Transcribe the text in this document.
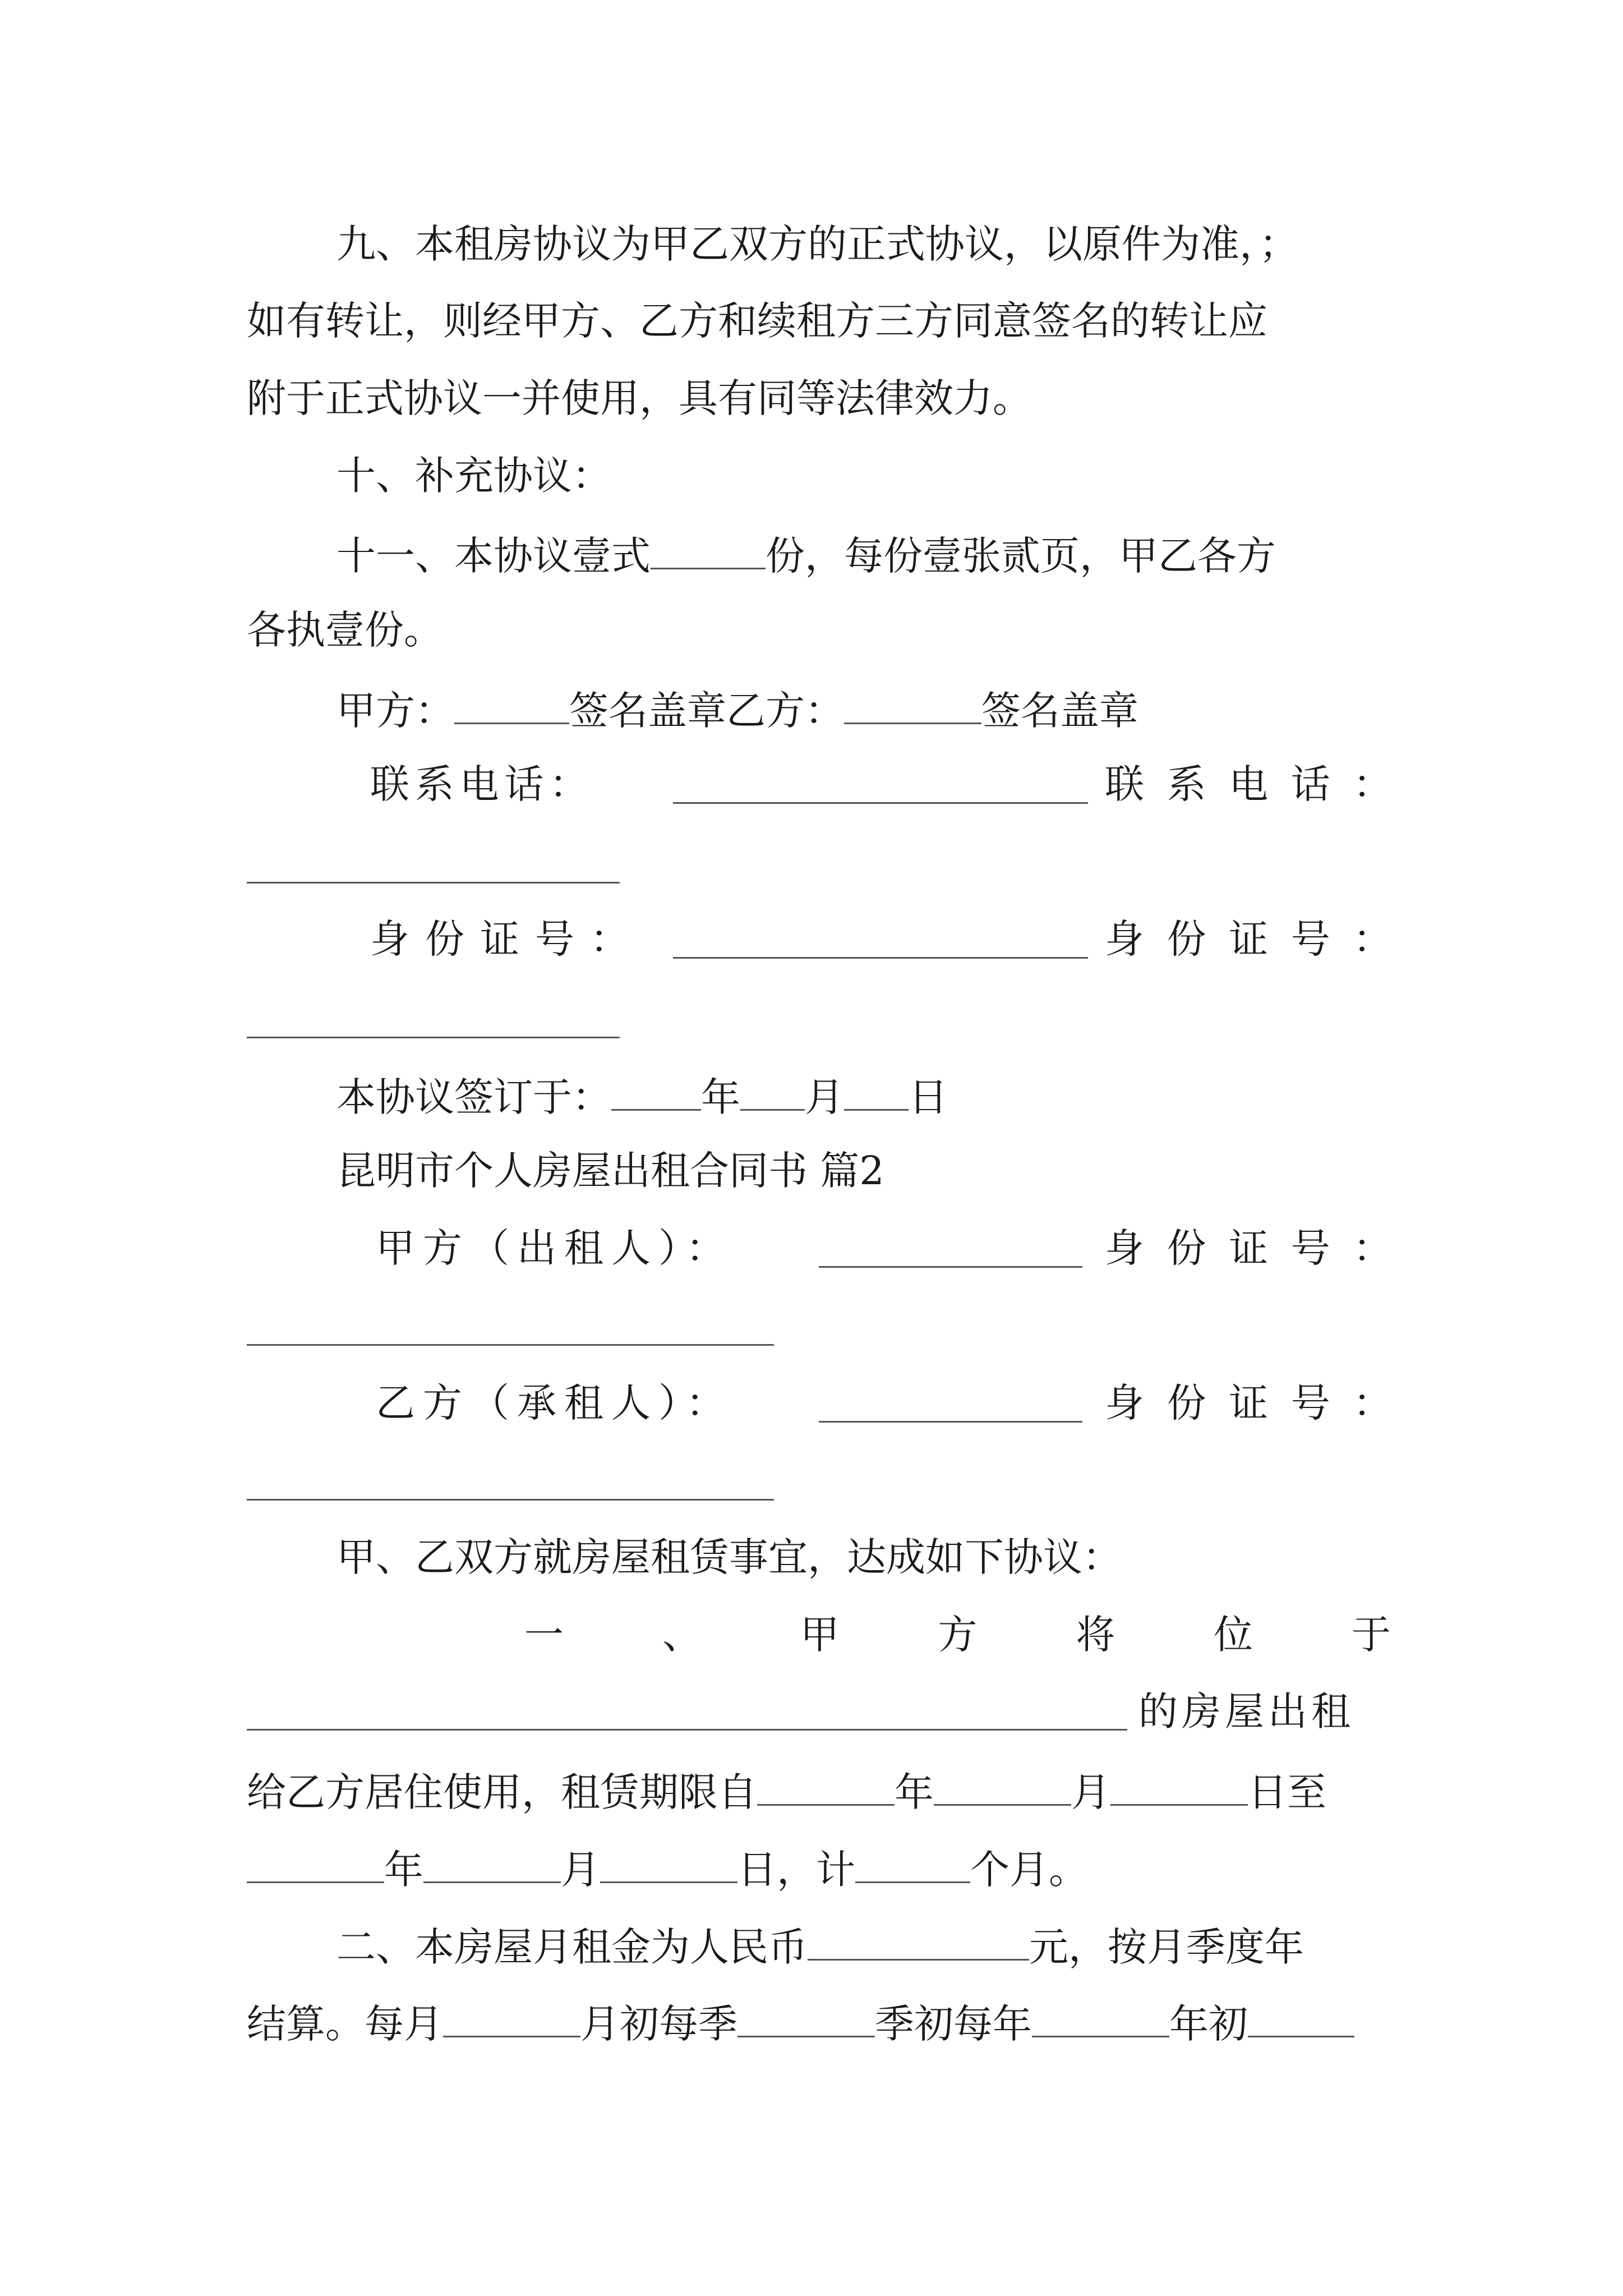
九、本租房协议为甲乙双方的正式协议，以原件为准，；

如有转让，则经甲方、乙方和续租方三方同意签名的转让应

附于正式协议一并使用，具有同等法律效力。

十、补充协议：

十一、本协议壹式	份，每份壹张贰页，甲乙各方

各执壹份。

甲方：	签名盖章乙方：	签名盖章

联系电话：	联系电话：

身份证号：	身份证号：

本协议签订于： 年 月 日

昆明市个人房屋出租合同书 篇2

甲方（出租人）：	身份证号：

乙方（承租人）：	身份证号：

甲、乙双方就房屋租赁事宜，达成如下协议：

一	、	甲	方	将	位	于

的房屋出租

给乙方居住使用，租赁期限自	年	月	日至

年	月	日，计	个月。

二、本房屋月租金为人民币	元，按月季度年

结算。每月	月初每季	季初每年	年初
